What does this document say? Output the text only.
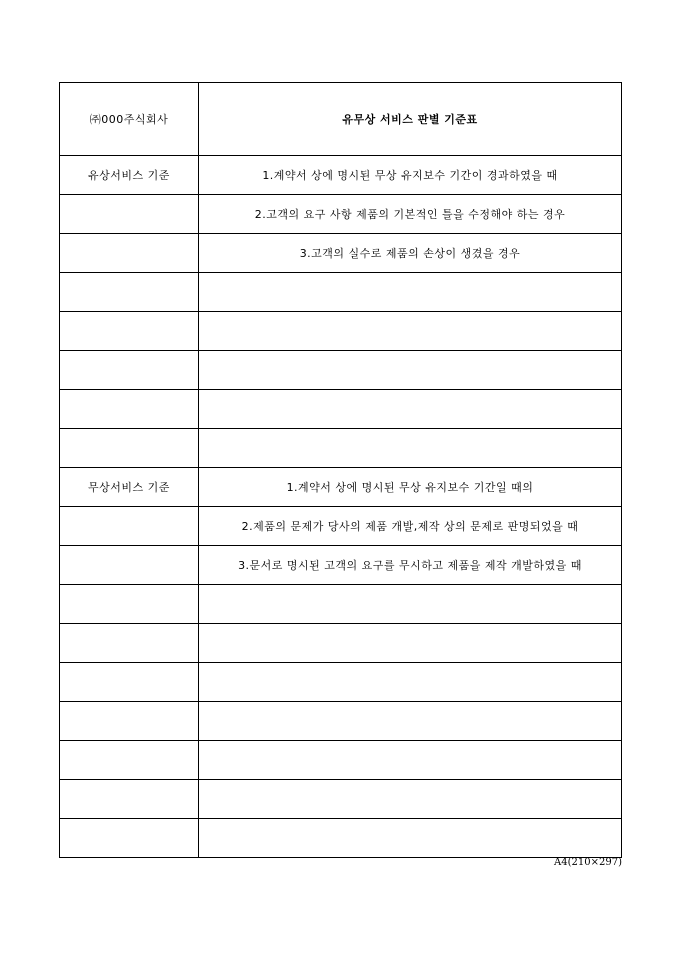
㈜000주식회사	유무상 서비스 판별 기준표
유상서비스 기준	1.계약서 상에 명시된 무상 유지보수 기간이 경과하였을 때
	2.고객의 요구 사항 제품의 기본적인 틀을 수정해야 하는 경우
	3.고객의 실수로 제품의 손상이 생겼을 경우

무상서비스 기준	1.계약서 상에 명시된 무상 유지보수 기간일 때의
	2.제품의 문제가 당사의 제품 개발,제작 상의 문제로 판명되었을 때
	3.문서로 명시된 고객의 요구를 무시하고 제품을 제작 개발하였을 때

A4(210×297)
